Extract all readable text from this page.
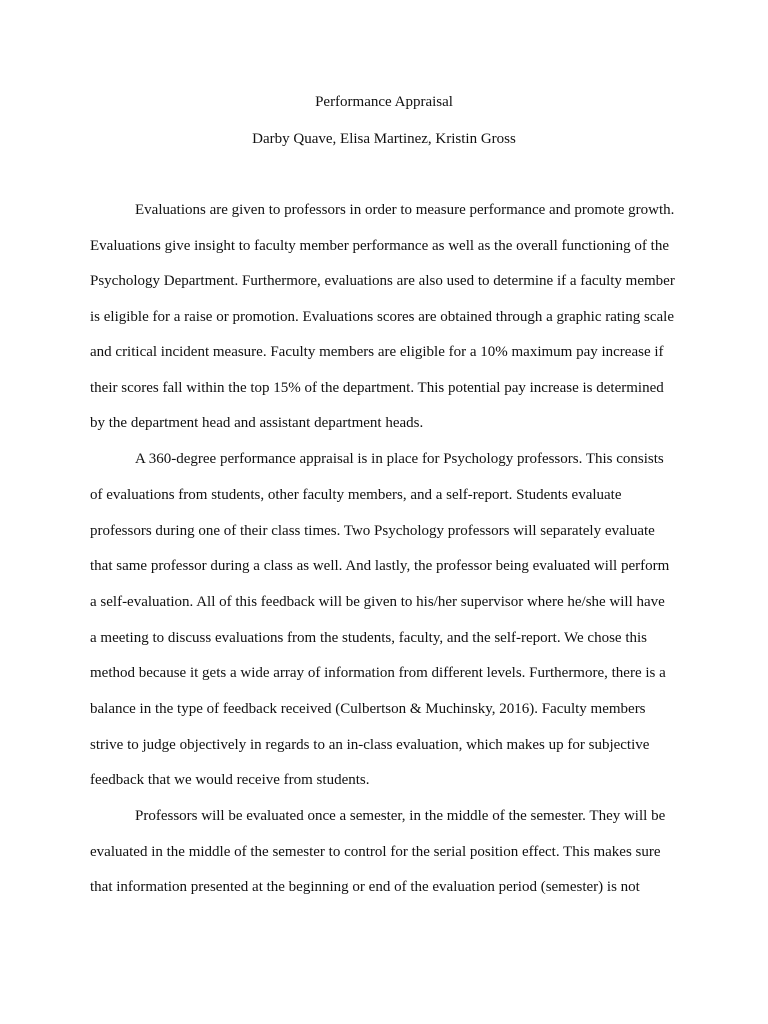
Performance Appraisal

Darby Quave, Elisa Martinez, Kristin Gross

Evaluations are given to professors in order to measure performance and promote growth.

Evaluations give insight to faculty member performance as well as the overall functioning of the

Psychology Department. Furthermore, evaluations are also used to determine if a faculty member

is eligible for a raise or promotion. Evaluations scores are obtained through a graphic rating scale

and critical incident measure. Faculty members are eligible for a 10% maximum pay increase if

their scores fall within the top 15% of the department. This potential pay increase is determined

by the department head and assistant department heads.

A 360-degree performance appraisal is in place for Psychology professors. This consists

of evaluations from students, other faculty members, and a self-report. Students evaluate

professors during one of their class times. Two Psychology professors will separately evaluate

that same professor during a class as well. And lastly, the professor being evaluated will perform

a self-evaluation. All of this feedback will be given to his/her supervisor where he/she will have

a meeting to discuss evaluations from the students, faculty, and the self-report. We chose this

method because it gets a wide array of information from different levels. Furthermore, there is a

balance in the type of feedback received (Culbertson & Muchinsky, 2016). Faculty members

strive to judge objectively in regards to an in-class evaluation, which makes up for subjective

feedback that we would receive from students.

Professors will be evaluated once a semester, in the middle of the semester. They will be

evaluated in the middle of the semester to control for the serial position effect. This makes sure

that information presented at the beginning or end of the evaluation period (semester) is not
